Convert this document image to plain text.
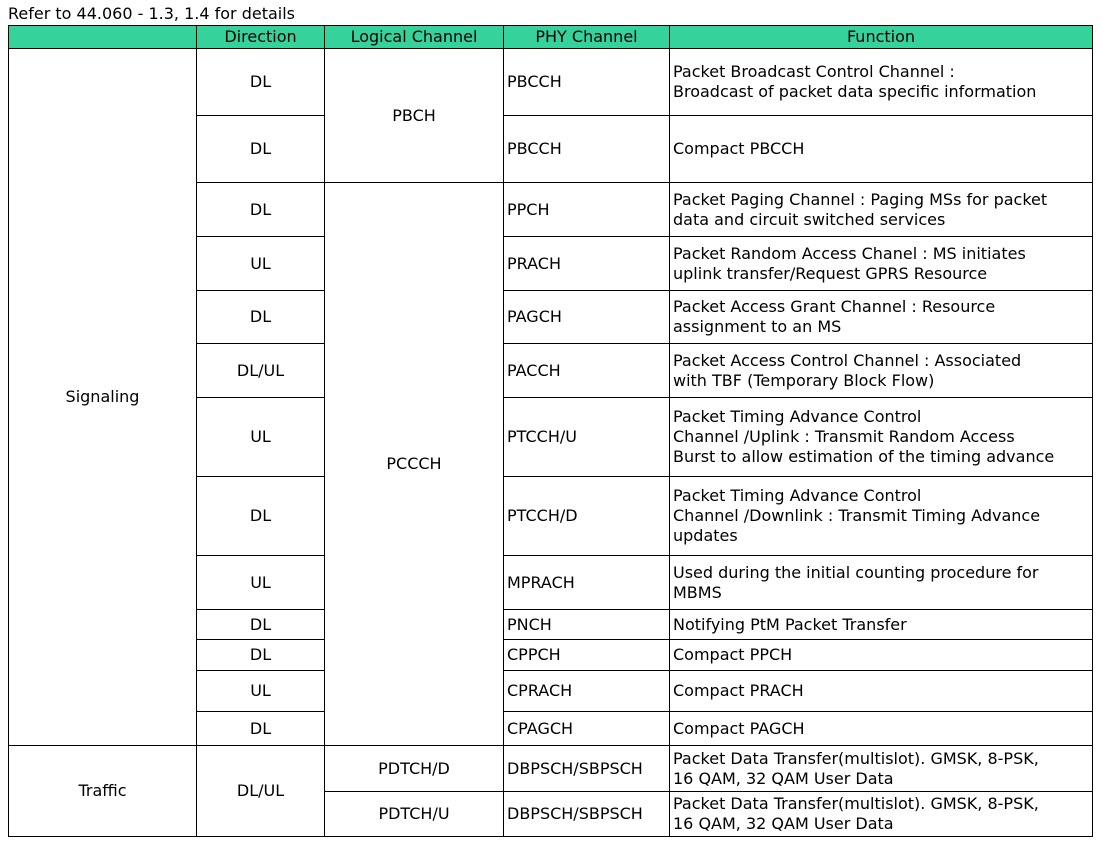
Refer to 44.060 - 1.3, 1.4 for details
	Direction	Logical Channel	PHY Channel	Function
Signaling	DL	PBCH	PBCCH	Packet Broadcast Control Channel :
Broadcast of packet data specific information

	DL		PBCCH	Compact PBCCH

	DL	PCCCH	PPCH	Packet Paging Channel : Paging MSs for packet
data and circuit switched services

	UL		PRACH	Packet Random Access Chanel : MS initiates
uplink transfer/Request GPRS Resource

	DL		PAGCH	Packet Access Grant Channel : Resource
assignment to an MS

	DL/UL		PACCH	Packet Access Control Channel : Associated
with TBF (Temporary Block Flow)

	UL		PTCCH/U	Packet Timing Advance Control
Channel /Uplink : Transmit Random Access
Burst to allow estimation of the timing advance

	DL		PTCCH/D	Packet Timing Advance Control
Channel /Downlink : Transmit Timing Advance
updates

	UL		MPRACH	Used during the initial counting procedure for
MBMS

	DL		PNCH	Notifying PtM Packet Transfer

	DL		CPPCH	Compact PPCH

	UL		CPRACH	Compact PRACH

	DL		CPAGCH	Compact PAGCH

Traffic	DL/UL	PDTCH/D	DBPSCH/SBPSCH	Packet Data Transfer(multislot). GMSK, 8-PSK,
16 QAM, 32 QAM User Data

		PDTCH/U	DBPSCH/SBPSCH	Packet Data Transfer(multislot). GMSK, 8-PSK,
16 QAM, 32 QAM User Data
